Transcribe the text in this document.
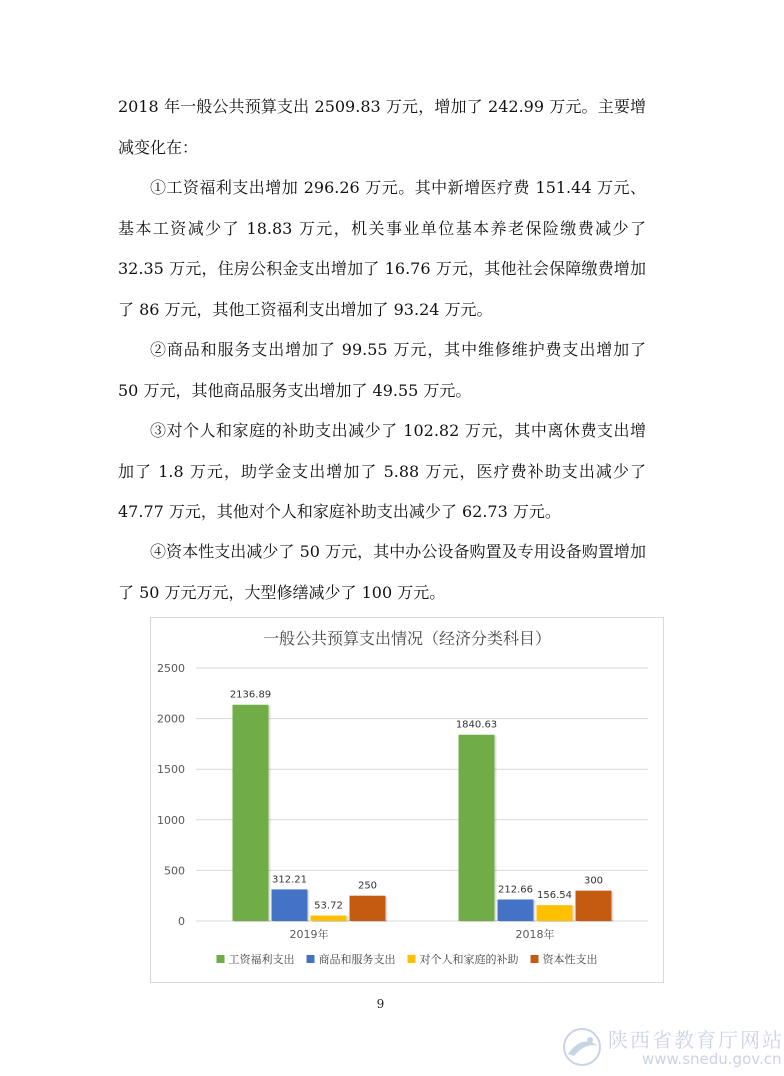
2018 年一般公共预算支出 2509.83 万元，增加了 242.99 万元。主要增减变化在：

①工资福利支出增加 296.26 万元。其中新增医疗费 151.44 万元、基本工资减少了 18.83 万元，机关事业单位基本养老保险缴费减少了 32.35 万元，住房公积金支出增加了 16.76 万元，其他社会保障缴费增加了 86 万元，其他工资福利支出增加了 93.24 万元。

②商品和服务支出增加了 99.55 万元，其中维修维护费支出增加了 50 万元，其他商品服务支出增加了 49.55 万元。

③对个人和家庭的补助支出减少了 102.82 万元，其中离休费支出增加了 1.8 万元，助学金支出增加了 5.88 万元，医疗费补助支出减少了 47.77 万元，其他对个人和家庭补助支出减少了 62.73 万元。

④资本性支出减少了 50 万元，其中办公设备购置及专用设备购置增加了 50 万元万元，大型修缮减少了 100 万元。

一般公共预算支出情况（经济分类科目）
0
500
1000
1500
2000
2500
2136.89
312.21
53.72
250
2019年
1840.63
212.66
156.54
300
2018年
工资福利支出 商品和服务支出 对个人和家庭的补助 资本性支出
9
陕西省教育厅网站
www.snedu.gov.cn
